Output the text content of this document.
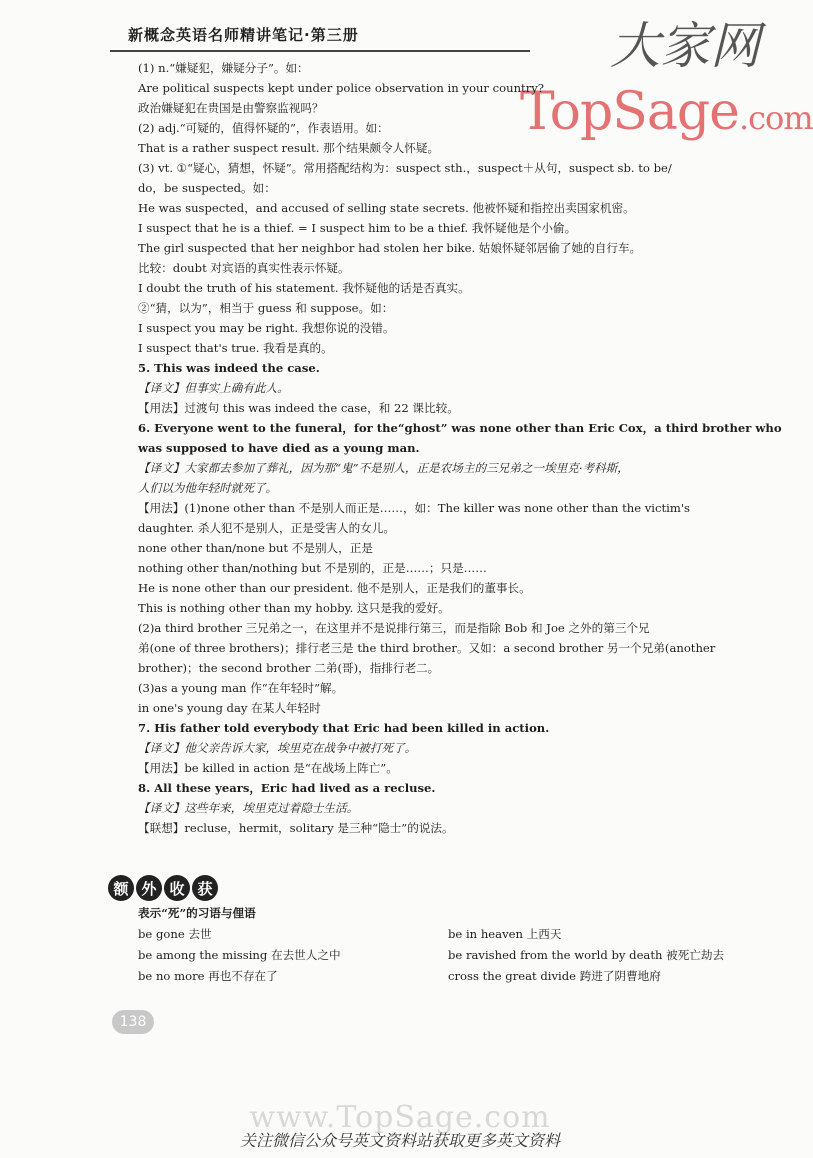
新概念英语名师精讲笔记·第三册	大家网
TopSage.com
(1) n.“嫌疑犯，嫌疑分子”。如：
Are political suspects kept under police observation in your country?
政治嫌疑犯在贵国是由警察监视吗？
(2) adj.“可疑的，值得怀疑的”，作表语用。如：
That is a rather suspect result. 那个结果颇令人怀疑。
(3) vt. ①“疑心，猜想，怀疑”。常用搭配结构为：suspect sth.，suspect＋从句，suspect sb. to be/
do，be suspected。如：
He was suspected，and accused of selling state secrets. 他被怀疑和指控出卖国家机密。
I suspect that he is a thief. = I suspect him to be a thief. 我怀疑他是个小偷。
The girl suspected that her neighbor had stolen her bike. 姑娘怀疑邻居偷了她的自行车。
比较：doubt 对宾语的真实性表示怀疑。
I doubt the truth of his statement. 我怀疑他的话是否真实。
②“猜，以为”，相当于 guess 和 suppose。如：
I suspect you may be right. 我想你说的没错。
I suspect that's true. 我看是真的。
5. This was indeed the case.
【译文】但事实上确有此人。
【用法】过渡句 this was indeed the case，和 22 课比较。
6. Everyone went to the funeral，for the“ghost” was none other than Eric Cox，a third brother who
was supposed to have died as a young man.
【译文】大家都去参加了葬礼，因为那“鬼”不是别人，正是农场主的三兄弟之一埃里克·考科斯，
人们以为他年轻时就死了。
【用法】(1)none other than 不是别人而正是……，如：The killer was none other than the victim's
daughter. 杀人犯不是别人，正是受害人的女儿。
none other than/none but 不是别人，正是
nothing other than/nothing but 不是别的，正是……；只是……
He is none other than our president. 他不是别人，正是我们的董事长。
This is nothing other than my hobby. 这只是我的爱好。
(2)a third brother 三兄弟之一，在这里并不是说排行第三，而是指除 Bob 和 Joe 之外的第三个兄
弟(one of three brothers)；排行老三是 the third brother。又如：a second brother 另一个兄弟(another
brother)；the second brother 二弟(哥)，指排行老二。
(3)as a young man 作“在年轻时”解。
in one's young day 在某人年轻时
7. His father told everybody that Eric had been killed in action.
【译文】他父亲告诉大家，埃里克在战争中被打死了。
【用法】be killed in action 是“在战场上阵亡”。
8. All these years，Eric had lived as a recluse.
【译文】这些年来，埃里克过着隐士生活。
【联想】recluse，hermit，solitary 是三种“隐士”的说法。
额 外 收 获
表示“死”的习语与俚语
be gone 去世
be among the missing 在去世人之中
be no more 再也不存在了
be in heaven 上西天
be ravished from the world by death 被死亡劫去
cross the great divide 跨进了阴曹地府
138
www.TopSage.com
关注微信公众号英文资料站获取更多英文资料
